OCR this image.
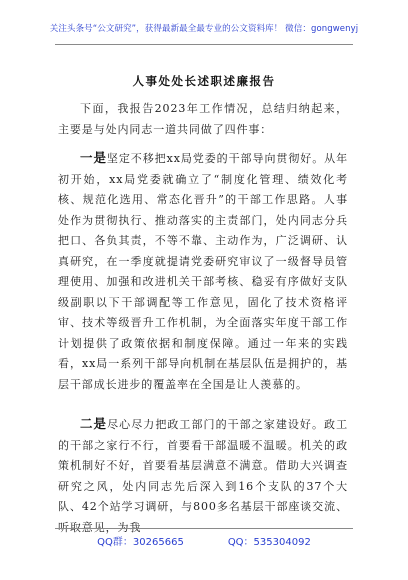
关注头条号“公文研究”，获得最新最全最专业的公文资料库！ 微信：gongwenyj
人事处处长述职述廉报告

下面，我报告2023年工作情况，总结归纳起来，主要是与处内同志一道共同做了四件事：

一是坚定不移把xx局党委的干部导向贯彻好。从年初开始，xx局党委就确立了“制度化管理、绩效化考核、规范化选用、常态化晋升”的干部工作思路。人事处作为贯彻执行、推动落实的主责部门，处内同志分兵把口、各负其责，不等不靠、主动作为，广泛调研、认真研究，在一季度就提请党委研究审议了一级督导员管理使用、加强和改进机关干部考核、稳妥有序做好支队级副职以下干部调配等工作意见，固化了技术资格评审、技术等级晋升工作机制，为全面落实年度干部工作计划提供了政策依据和制度保障。通过一年来的实践看，xx局一系列干部导向机制在基层队伍是拥护的，基层干部成长进步的覆盖率在全国是让人羡慕的。

二是尽心尽力把政工部门的干部之家建设好。政工的干部之家行不行，首要看干部温暖不温暖。机关的政策机制好不好，首要看基层满意不满意。借助大兴调查研究之风，处内同志先后深入到16个支队的37个大队、42个站学习调研，与800多名基层干部座谈交流、听取意见，为我

QQ群：30265665	QQ：535304092
